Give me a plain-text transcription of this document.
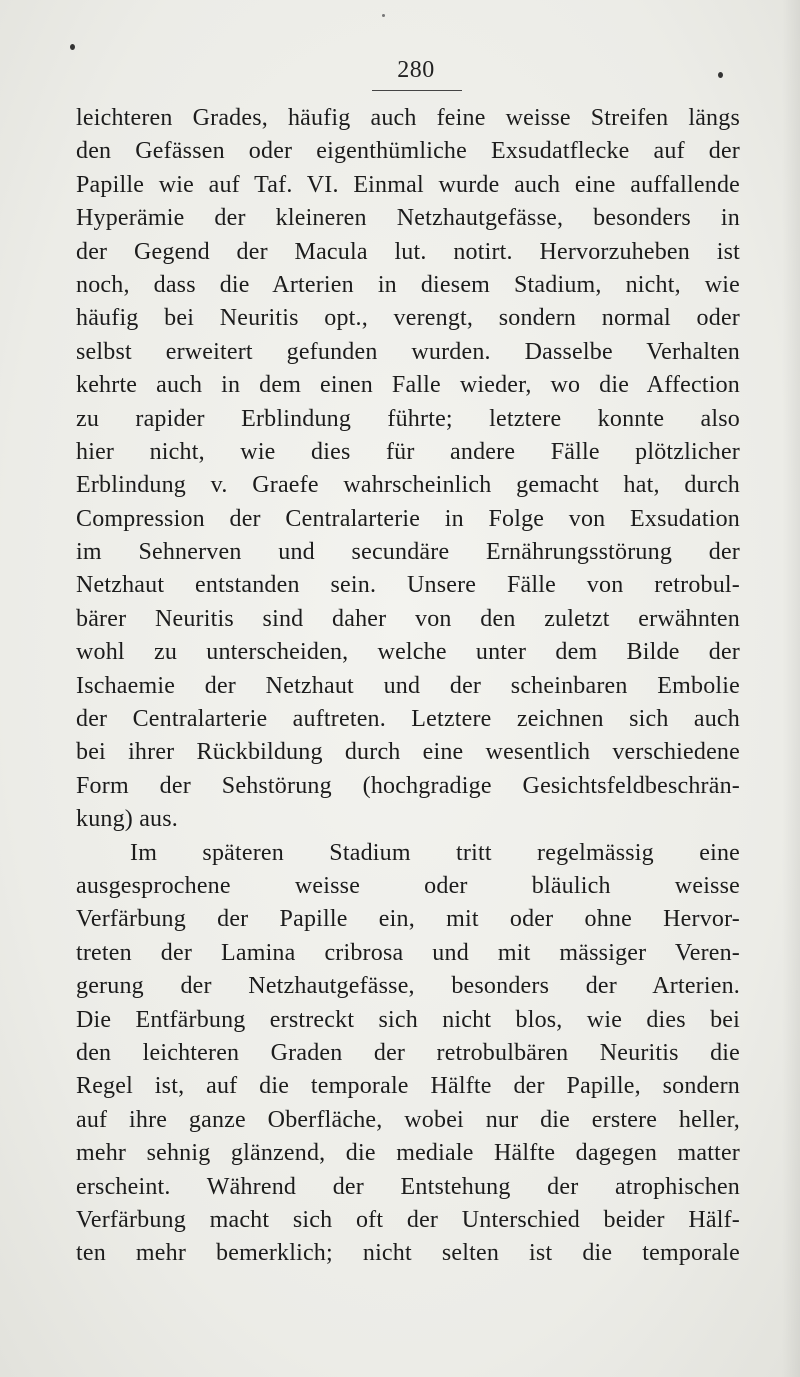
280
leichteren Grades, häufig auch feine weisse Streifen längs
den Gefässen oder eigenthümliche Exsudatflecke auf der
Papille wie auf Taf. VI. Einmal wurde auch eine auffallende
Hyperämie der kleineren Netzhautgefässe, besonders in
der Gegend der Macula lut. notirt. Hervorzuheben ist
noch, dass die Arterien in diesem Stadium, nicht, wie
häufig bei Neuritis opt., verengt, sondern normal oder
selbst erweitert gefunden wurden. Dasselbe Verhalten
kehrte auch in dem einen Falle wieder, wo die Affection
zu rapider Erblindung führte; letztere konnte also
hier nicht, wie dies für andere Fälle plötzlicher
Erblindung v. Graefe wahrscheinlich gemacht hat, durch
Compression der Centralarterie in Folge von Exsudation
im Sehnerven und secundäre Ernährungsstörung der
Netzhaut entstanden sein. Unsere Fälle von retrobul-
bärer Neuritis sind daher von den zuletzt erwähnten
wohl zu unterscheiden, welche unter dem Bilde der
Ischaemie der Netzhaut und der scheinbaren Embolie
der Centralarterie auftreten. Letztere zeichnen sich auch
bei ihrer Rückbildung durch eine wesentlich verschiedene
Form der Sehstörung (hochgradige Gesichtsfeldbeschrän-
kung) aus.
Im späteren Stadium tritt regelmässig eine
ausgesprochene weisse oder bläulich weisse
Verfärbung der Papille ein, mit oder ohne Hervor-
treten der Lamina cribrosa und mit mässiger Veren-
gerung der Netzhautgefässe, besonders der Arterien.
Die Entfärbung erstreckt sich nicht blos, wie dies bei
den leichteren Graden der retrobulbären Neuritis die
Regel ist, auf die temporale Hälfte der Papille, sondern
auf ihre ganze Oberfläche, wobei nur die erstere heller,
mehr sehnig glänzend, die mediale Hälfte dagegen matter
erscheint. Während der Entstehung der atrophischen
Verfärbung macht sich oft der Unterschied beider Hälf-
ten mehr bemerklich; nicht selten ist die temporale
